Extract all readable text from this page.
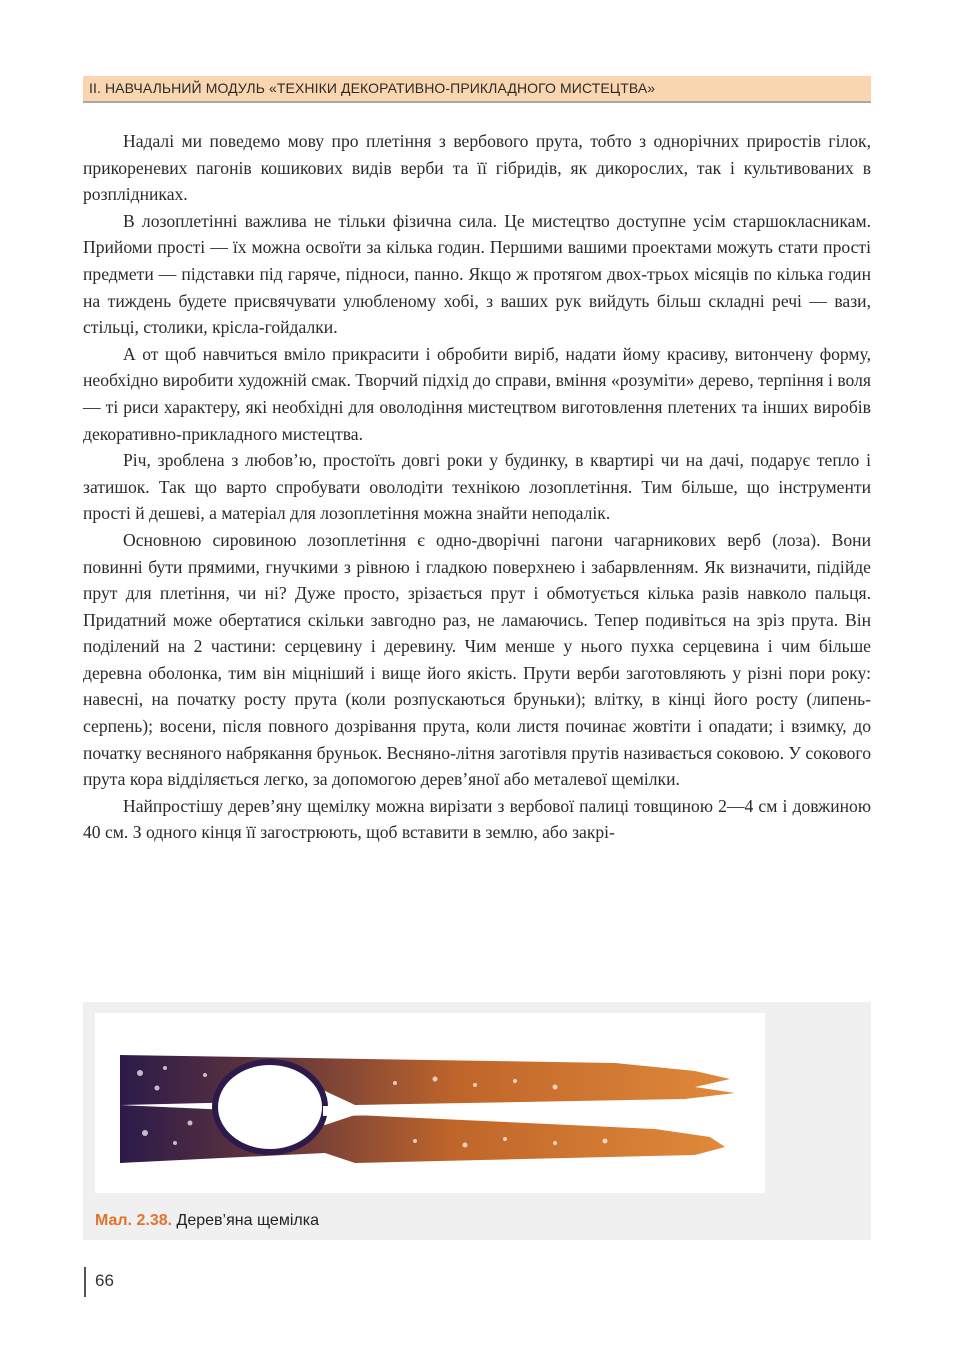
II. НАВЧАЛЬНИЙ МОДУЛЬ «ТЕХНІКИ ДЕКОРАТИВНО-ПРИКЛАДНОГО МИСТЕЦТВА»

Надалі ми поведемо мову про плетіння з вербового прута, тобто з однорічних приростів гілок, прикореневих пагонів кошикових видів верби та її гібридів, як дикорослих, так і культивованих в розплідниках.

В лозоплетінні важлива не тільки фізична сила. Це мистецтво доступне усім старшокласникам. Прийоми прості — їх можна освоїти за кілька годин. Першими вашими проектами можуть стати прості предмети — підставки під гаряче, підноси, панно. Якщо ж протягом двох-трьох місяців по кілька годин на тиждень будете присвячувати улюбленому хобі, з ваших рук вийдуть більш складні речі — вази, стільці, столики, крісла-гойдалки.

А от щоб навчиться вміло прикрасити і обробити виріб, надати йому красиву, витончену форму, необхідно виробити художній смак. Творчий підхід до справи, вміння «розуміти» дерево, терпіння і воля — ті риси характеру, які необхідні для оволодіння мистецтвом виготовлення плетених та інших виробів декоративно-прикладного мистецтва.

Річ, зроблена з любов’ю, простоїть довгі роки у будинку, в квартирі чи на дачі, подарує тепло і затишок. Так що варто спробувати оволодіти технікою лозоплетіння. Тим більше, що інструменти прості й дешеві, а матеріал для лозоплетіння можна знайти неподалік.

Основною сировиною лозоплетіння є одно-дворічні пагони чагарникових верб (лоза). Вони повинні бути прямими, гнучкими з рівною і гладкою поверхнею і забарвленням. Як визначити, підійде прут для плетіння, чи ні? Дуже просто, зрізається прут і обмотується кілька разів навколо пальця. Придатний може обертатися скільки завгодно раз, не ламаючись. Тепер подивіться на зріз прута. Він поділений на 2 частини: серцевину і деревину. Чим менше у нього пухка серцевина і чим більше деревна оболонка, тим він міцніший і вище його якість. Прути верби заготовляють у різні пори року: навесні, на початку росту прута (коли розпускаються бруньки); влітку, в кінці його росту (липень-серпень); восени, після повного дозрівання прута, коли листя починає жовтіти і опадати; і взимку, до початку весняного набрякання бруньок. Весняно-літня заготівля прутів називається соковою. У сокового прута кора відділяється легко, за допомогою дерев’яної або металевої щемілки.

Найпростішу дерев’яну щемілку можна вирізати з вербової палиці товщиною 2—4 см і довжиною 40 см. З одного кінця її загострюють, щоб вставити в землю, або закрі-

Мал. 2.38. Дерев’яна щемілка
66
